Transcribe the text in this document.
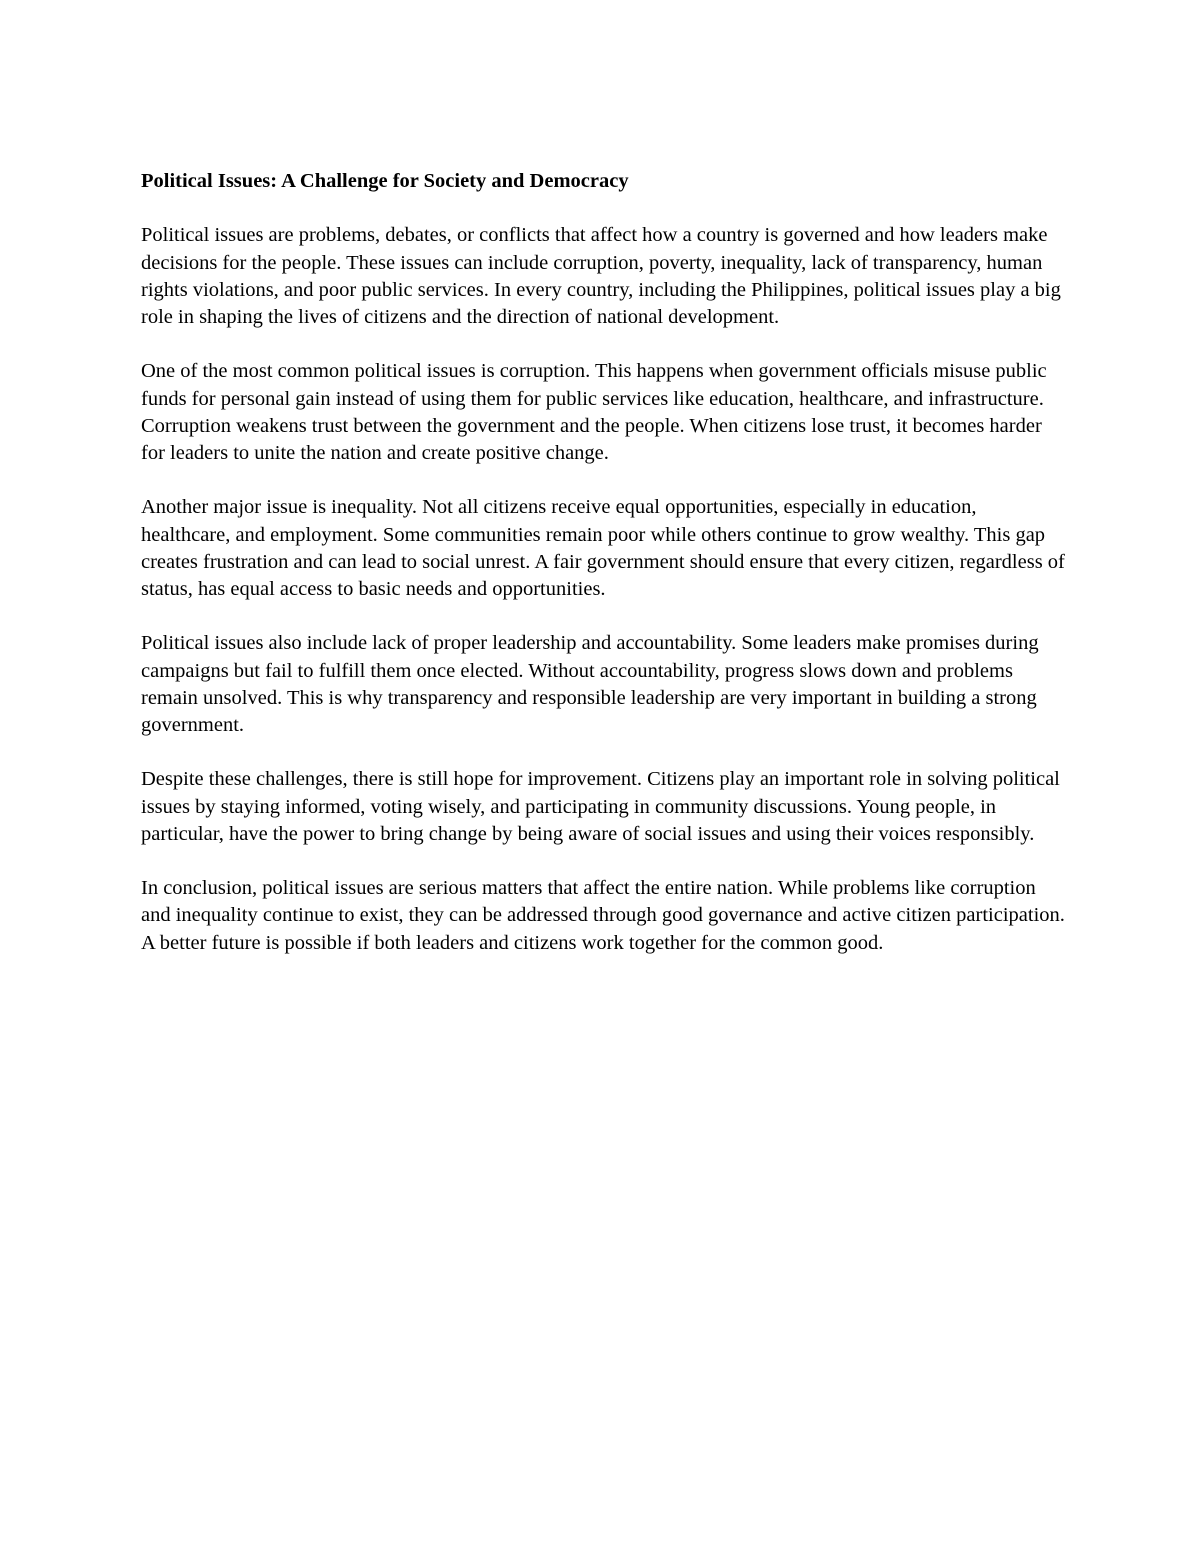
Political Issues: A Challenge for Society and Democracy

Political issues are problems, debates, or conflicts that affect how a country is governed and how leaders make decisions for the people. These issues can include corruption, poverty, inequality, lack of transparency, human rights violations, and poor public services. In every country, including the Philippines, political issues play a big role in shaping the lives of citizens and the direction of national development.

One of the most common political issues is corruption. This happens when government officials misuse public funds for personal gain instead of using them for public services like education, healthcare, and infrastructure. Corruption weakens trust between the government and the people. When citizens lose trust, it becomes harder for leaders to unite the nation and create positive change.

Another major issue is inequality. Not all citizens receive equal opportunities, especially in education, healthcare, and employment. Some communities remain poor while others continue to grow wealthy. This gap creates frustration and can lead to social unrest. A fair government should ensure that every citizen, regardless of status, has equal access to basic needs and opportunities.

Political issues also include lack of proper leadership and accountability. Some leaders make promises during campaigns but fail to fulfill them once elected. Without accountability, progress slows down and problems remain unsolved. This is why transparency and responsible leadership are very important in building a strong government.

Despite these challenges, there is still hope for improvement. Citizens play an important role in solving political issues by staying informed, voting wisely, and participating in community discussions. Young people, in particular, have the power to bring change by being aware of social issues and using their voices responsibly.

In conclusion, political issues are serious matters that affect the entire nation. While problems like corruption and inequality continue to exist, they can be addressed through good governance and active citizen participation. A better future is possible if both leaders and citizens work together for the common good.
